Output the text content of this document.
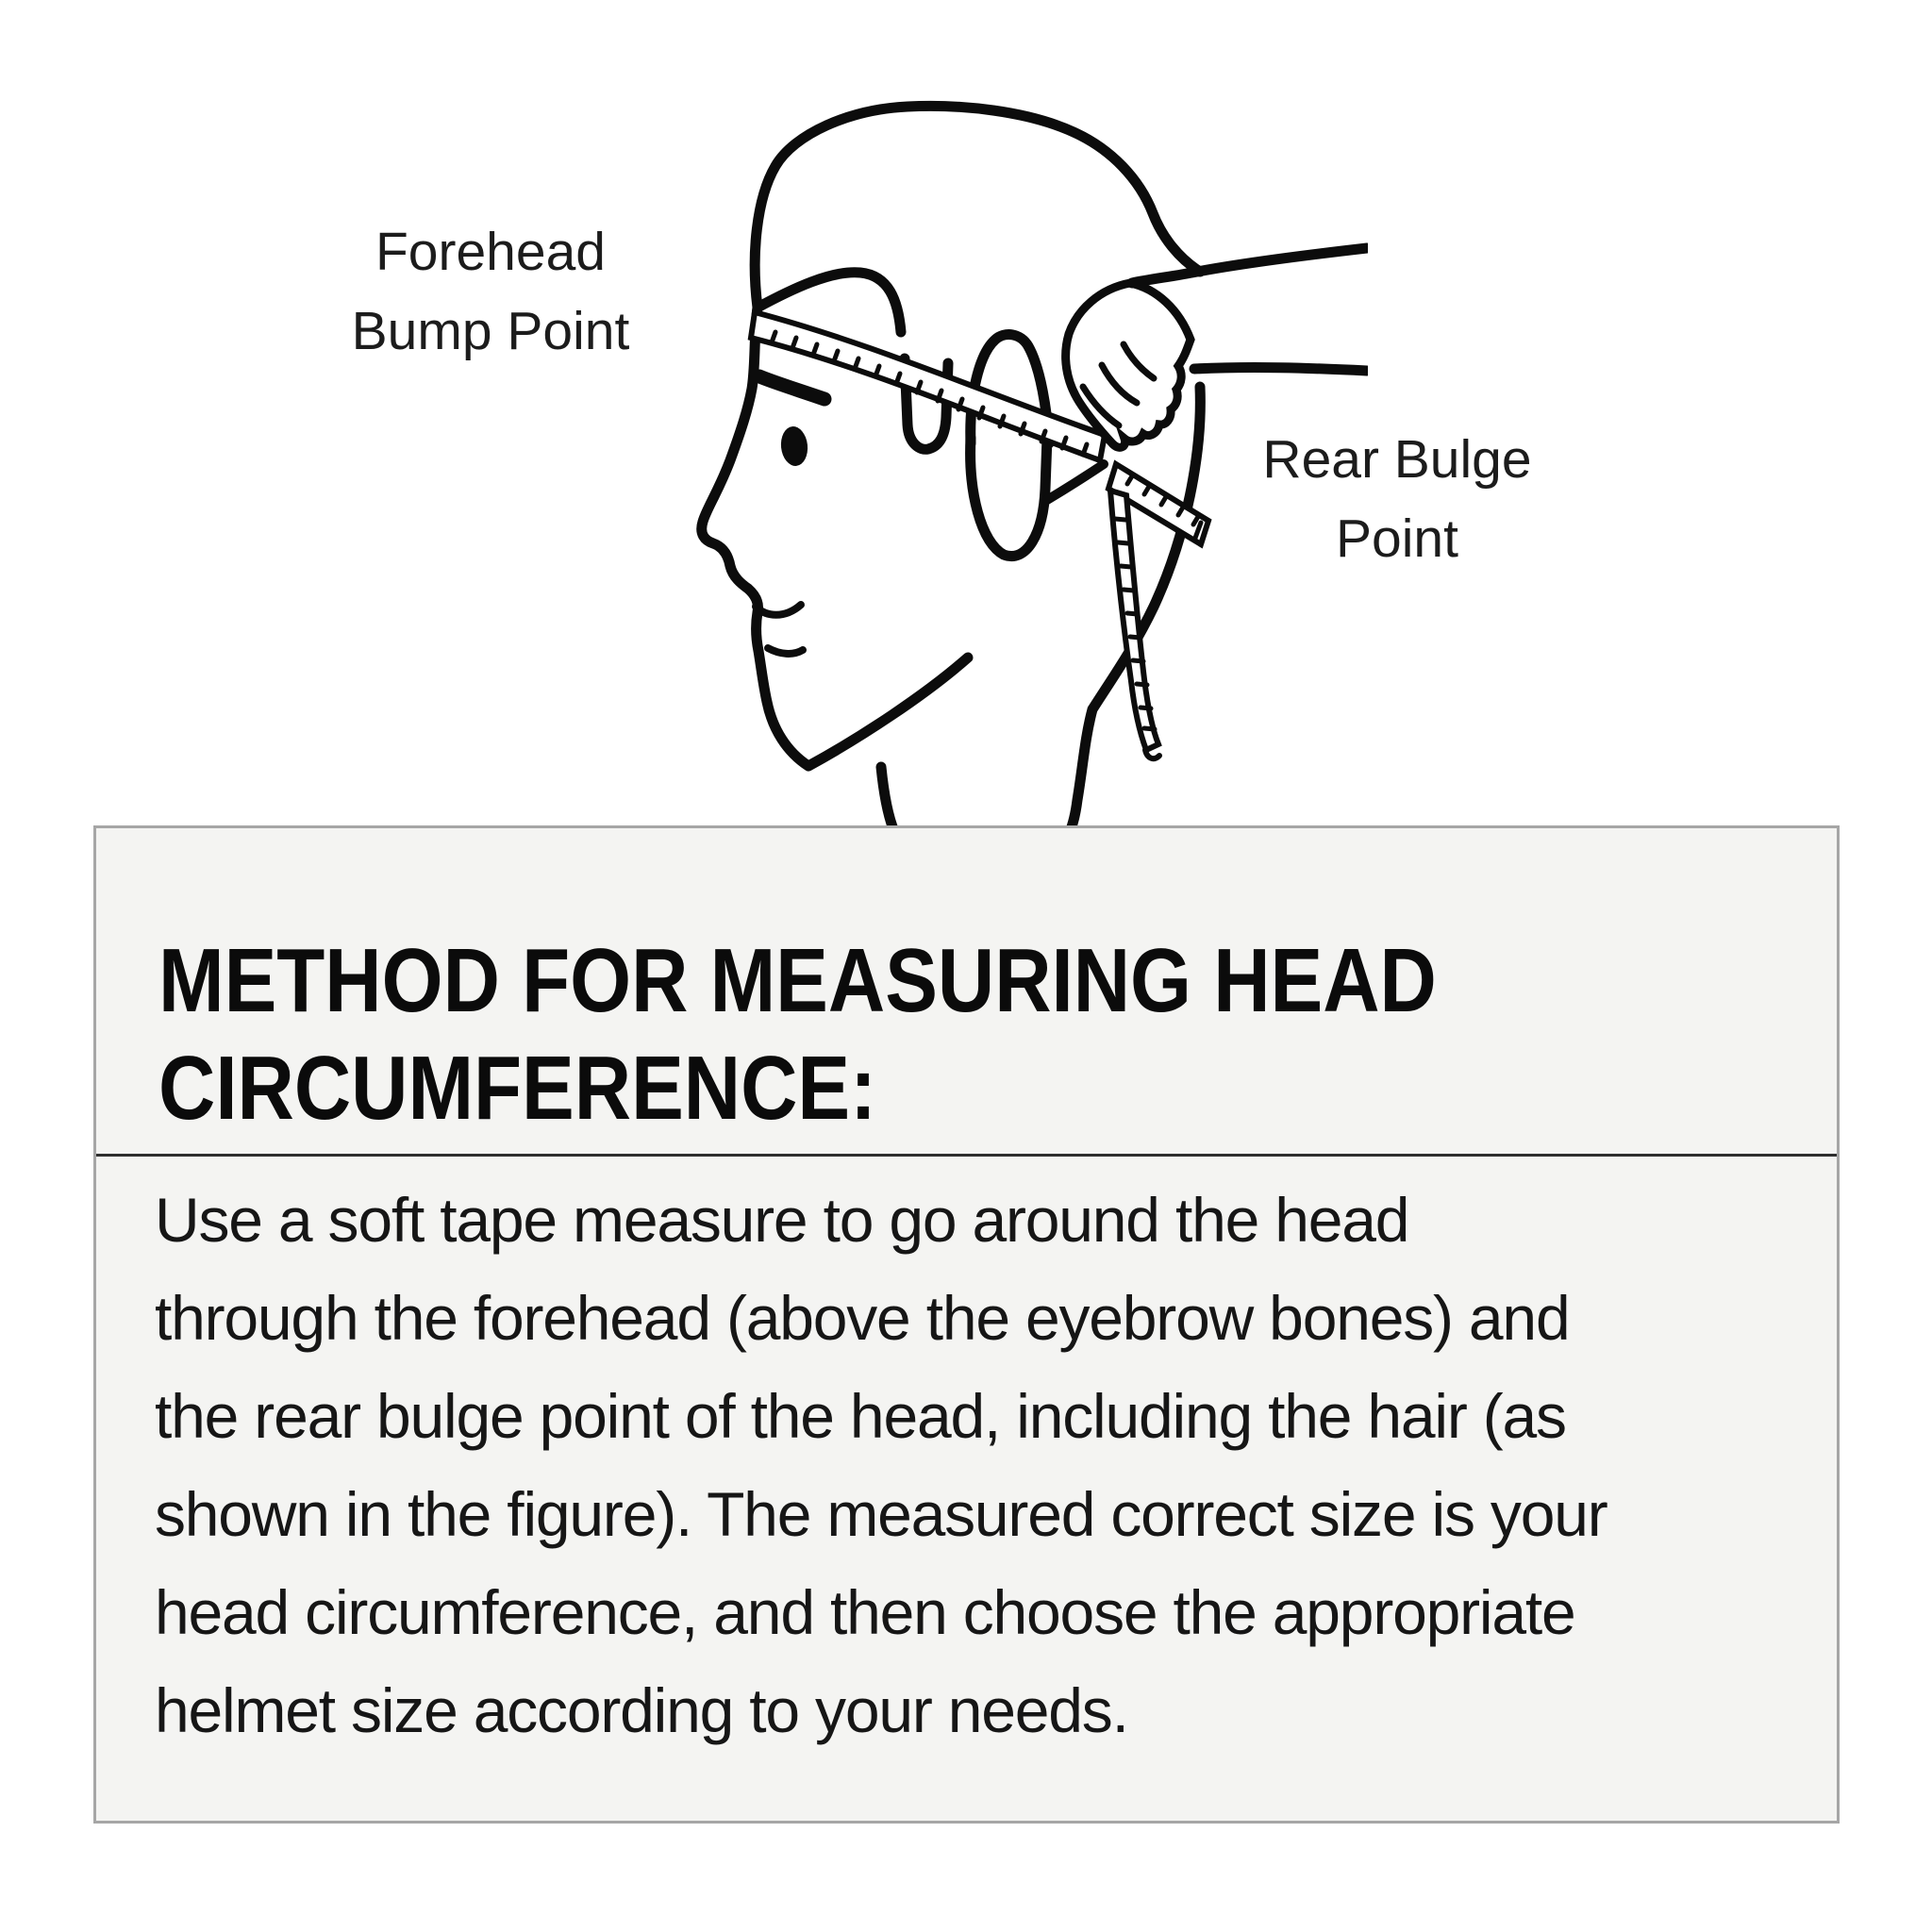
Forehead
Bump Point
Rear Bulge
Point
METHOD FOR MEASURING HEAD CIRCUMFERENCE:
Use a soft tape measure to go around the head
through the forehead (above the eyebrow bones) and
the rear bulge point of the head, including the hair (as
shown in the figure). The measured correct size is your
head circumference, and then choose the appropriate
helmet size according to your needs.
